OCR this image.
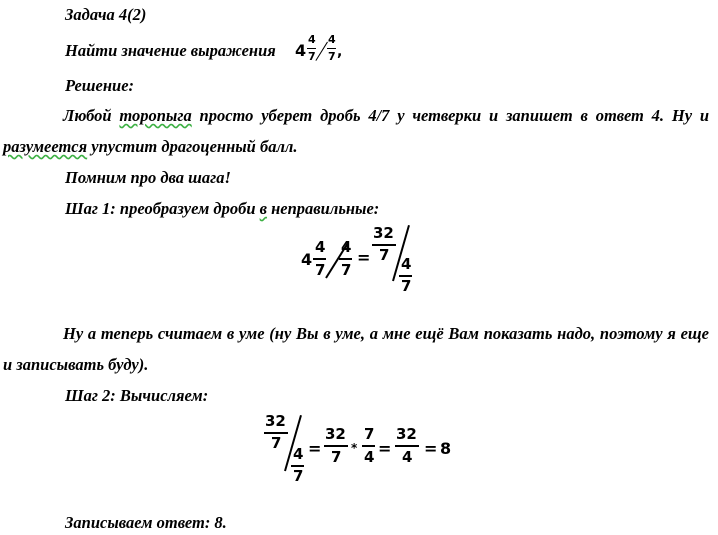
Задача 4(2)
Найти значение выражения 4
4
7
4
7 ,
Решение:
Любой торопыга просто уберет дробь 4/7 у четверки и запишет в ответ 4. Ну и разумеется упустит драгоценный балл.
Помним про два шага!
Шаг 1: преобразуем дроби в неправильные:
4
4
7
4
7
=
32
7 4
7
Ну а теперь считаем в уме (ну Вы в уме, а мне ещё Вам показать надо, поэтому я еще и записывать буду).
Шаг 2: Вычисляем:
32
7
4
7
=
32
7 *
7
4 =
32
4 = 8
Записываем ответ: 8.
